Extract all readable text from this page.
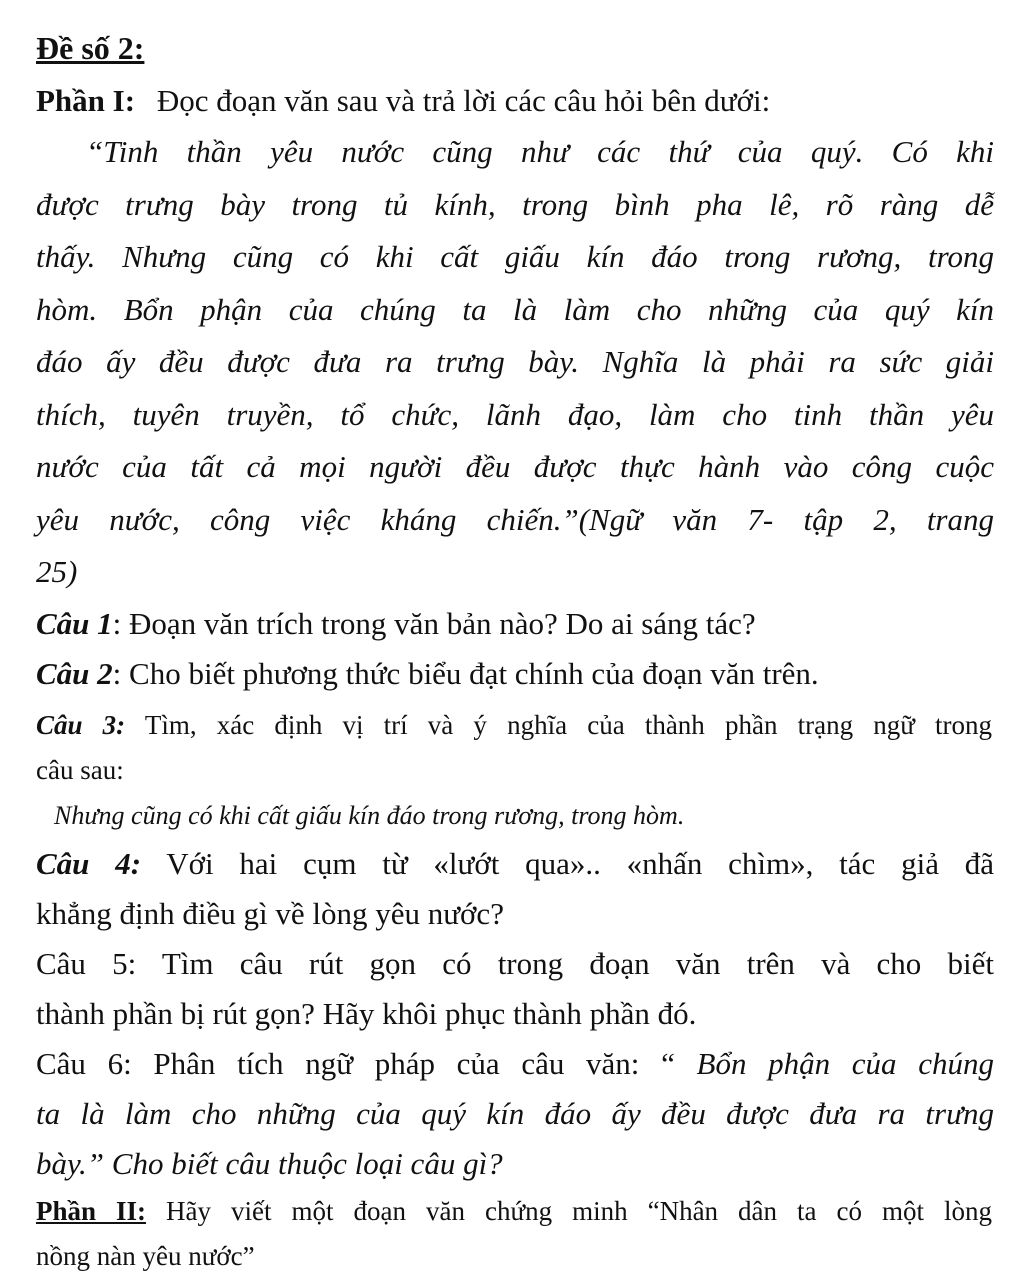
Đề số 2:
Phần I: Đọc đoạn văn sau và trả lời các câu hỏi bên dưới:
“Tinh thần yêu nước cũng như các thứ của quý. Có khi
được trưng bày trong tủ kính, trong bình pha lê, rõ ràng dễ
thấy. Nhưng cũng có khi cất giấu kín đáo trong rương, trong
hòm. Bổn phận của chúng ta là làm cho những của quý kín
đáo ấy đều được đưa ra trưng bày. Nghĩa là phải ra sức giải
thích, tuyên truyền, tổ chức, lãnh đạo, làm cho tinh thần yêu
nước của tất cả mọi người đều được thực hành vào công cuộc
yêu nước, công việc kháng chiến.”(Ngữ văn 7- tập 2, trang
25)
Câu 1: Đoạn văn trích trong văn bản nào? Do ai sáng tác?
Câu 2: Cho biết phương thức biểu đạt chính của đoạn văn trên.
Câu 3: Tìm, xác định vị trí và ý nghĩa của thành phần trạng ngữ trong
câu sau:
Nhưng cũng có khi cất giấu kín đáo trong rương, trong hòm.
Câu 4: Với hai cụm từ «lướt qua».. «nhấn chìm», tác giả đã
khẳng định điều gì về lòng yêu nước?
Câu 5: Tìm câu rút gọn có trong đoạn văn trên và cho biết
thành phần bị rút gọn? Hãy khôi phục thành phần đó.
Câu 6: Phân tích ngữ pháp của câu văn: “ Bổn phận của chúng
ta là làm cho những của quý kín đáo ấy đều được đưa ra trưng
bày.” Cho biết câu thuộc loại câu gì?
Phần II: Hãy viết một đoạn văn chứng minh “Nhân dân ta có một lòng
nồng nàn yêu nước”
